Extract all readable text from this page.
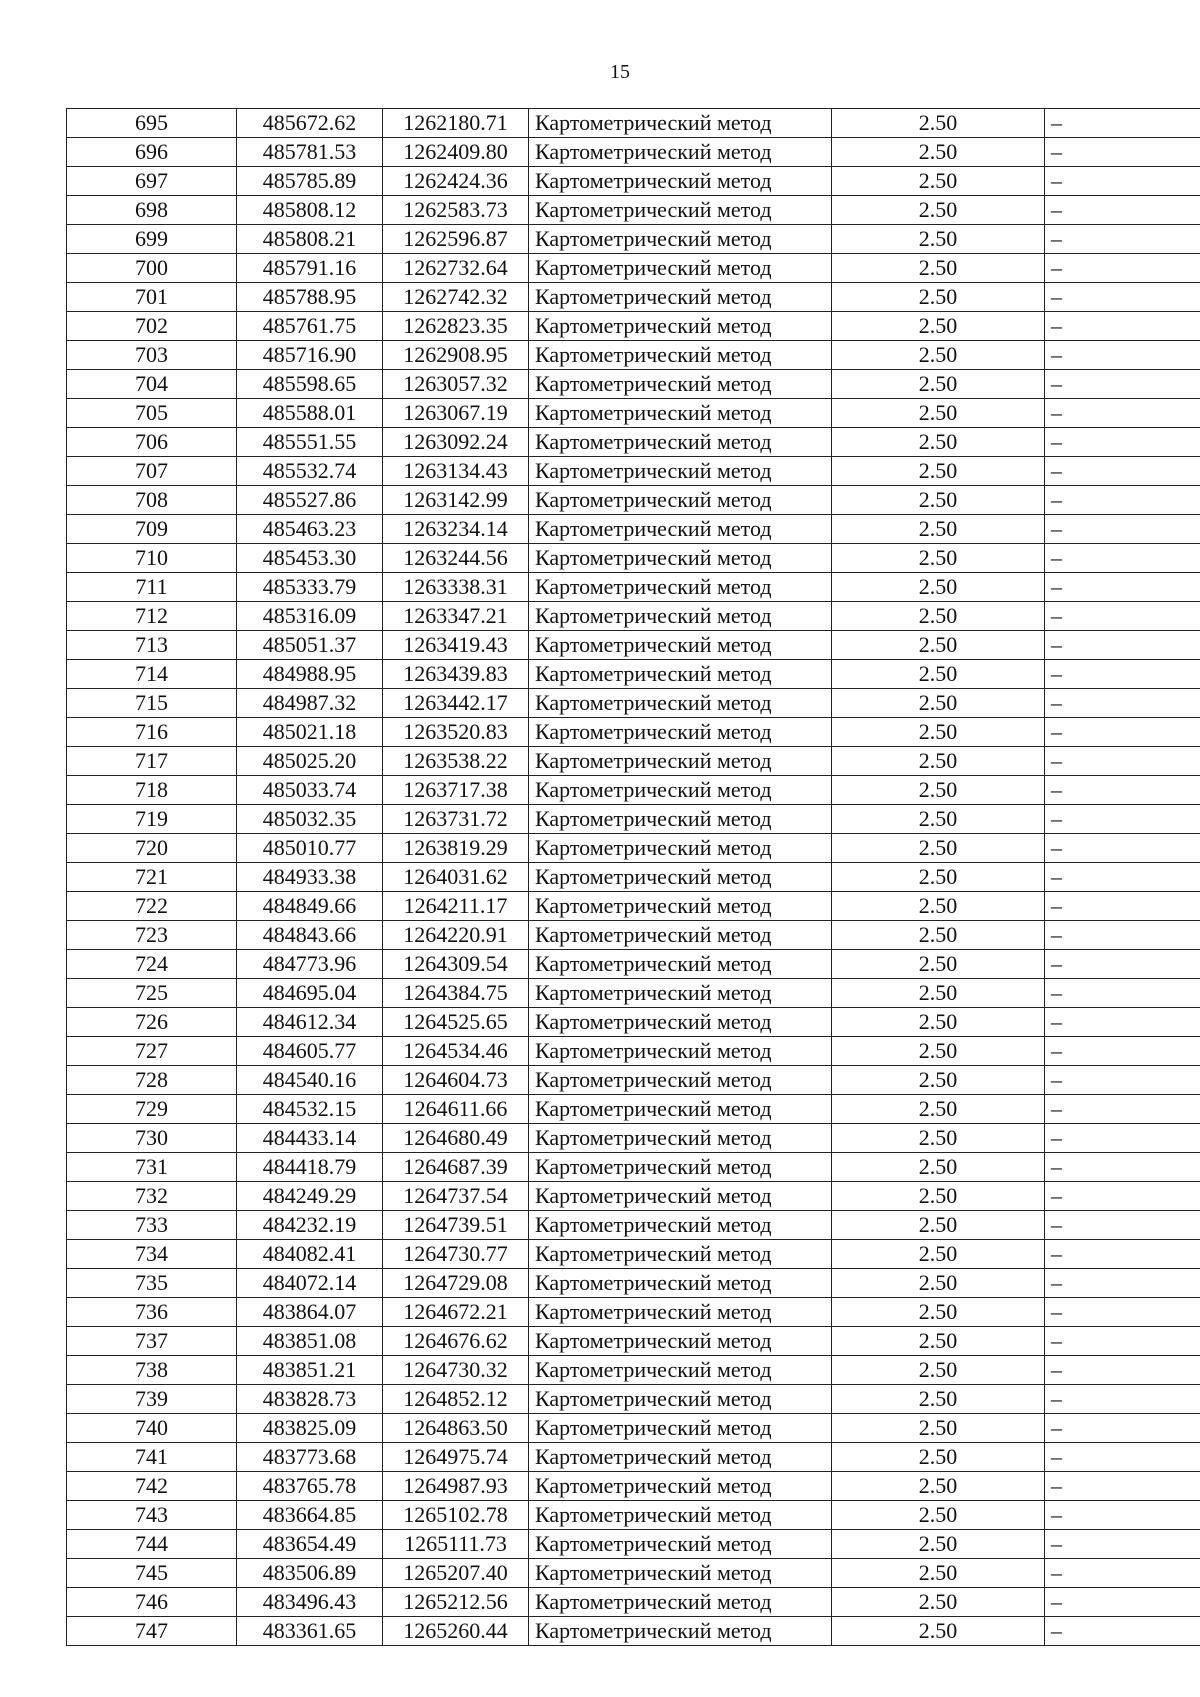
15
695	485672.62	1262180.71	Картометрический метод	2.50	–
696	485781.53	1262409.80	Картометрический метод	2.50	–
697	485785.89	1262424.36	Картометрический метод	2.50	–
698	485808.12	1262583.73	Картометрический метод	2.50	–
699	485808.21	1262596.87	Картометрический метод	2.50	–
700	485791.16	1262732.64	Картометрический метод	2.50	–
701	485788.95	1262742.32	Картометрический метод	2.50	–
702	485761.75	1262823.35	Картометрический метод	2.50	–
703	485716.90	1262908.95	Картометрический метод	2.50	–
704	485598.65	1263057.32	Картометрический метод	2.50	–
705	485588.01	1263067.19	Картометрический метод	2.50	–
706	485551.55	1263092.24	Картометрический метод	2.50	–
707	485532.74	1263134.43	Картометрический метод	2.50	–
708	485527.86	1263142.99	Картометрический метод	2.50	–
709	485463.23	1263234.14	Картометрический метод	2.50	–
710	485453.30	1263244.56	Картометрический метод	2.50	–
711	485333.79	1263338.31	Картометрический метод	2.50	–
712	485316.09	1263347.21	Картометрический метод	2.50	–
713	485051.37	1263419.43	Картометрический метод	2.50	–
714	484988.95	1263439.83	Картометрический метод	2.50	–
715	484987.32	1263442.17	Картометрический метод	2.50	–
716	485021.18	1263520.83	Картометрический метод	2.50	–
717	485025.20	1263538.22	Картометрический метод	2.50	–
718	485033.74	1263717.38	Картометрический метод	2.50	–
719	485032.35	1263731.72	Картометрический метод	2.50	–
720	485010.77	1263819.29	Картометрический метод	2.50	–
721	484933.38	1264031.62	Картометрический метод	2.50	–
722	484849.66	1264211.17	Картометрический метод	2.50	–
723	484843.66	1264220.91	Картометрический метод	2.50	–
724	484773.96	1264309.54	Картометрический метод	2.50	–
725	484695.04	1264384.75	Картометрический метод	2.50	–
726	484612.34	1264525.65	Картометрический метод	2.50	–
727	484605.77	1264534.46	Картометрический метод	2.50	–
728	484540.16	1264604.73	Картометрический метод	2.50	–
729	484532.15	1264611.66	Картометрический метод	2.50	–
730	484433.14	1264680.49	Картометрический метод	2.50	–
731	484418.79	1264687.39	Картометрический метод	2.50	–
732	484249.29	1264737.54	Картометрический метод	2.50	–
733	484232.19	1264739.51	Картометрический метод	2.50	–
734	484082.41	1264730.77	Картометрический метод	2.50	–
735	484072.14	1264729.08	Картометрический метод	2.50	–
736	483864.07	1264672.21	Картометрический метод	2.50	–
737	483851.08	1264676.62	Картометрический метод	2.50	–
738	483851.21	1264730.32	Картометрический метод	2.50	–
739	483828.73	1264852.12	Картометрический метод	2.50	–
740	483825.09	1264863.50	Картометрический метод	2.50	–
741	483773.68	1264975.74	Картометрический метод	2.50	–
742	483765.78	1264987.93	Картометрический метод	2.50	–
743	483664.85	1265102.78	Картометрический метод	2.50	–
744	483654.49	1265111.73	Картометрический метод	2.50	–
745	483506.89	1265207.40	Картометрический метод	2.50	–
746	483496.43	1265212.56	Картометрический метод	2.50	–
747	483361.65	1265260.44	Картометрический метод	2.50	–
